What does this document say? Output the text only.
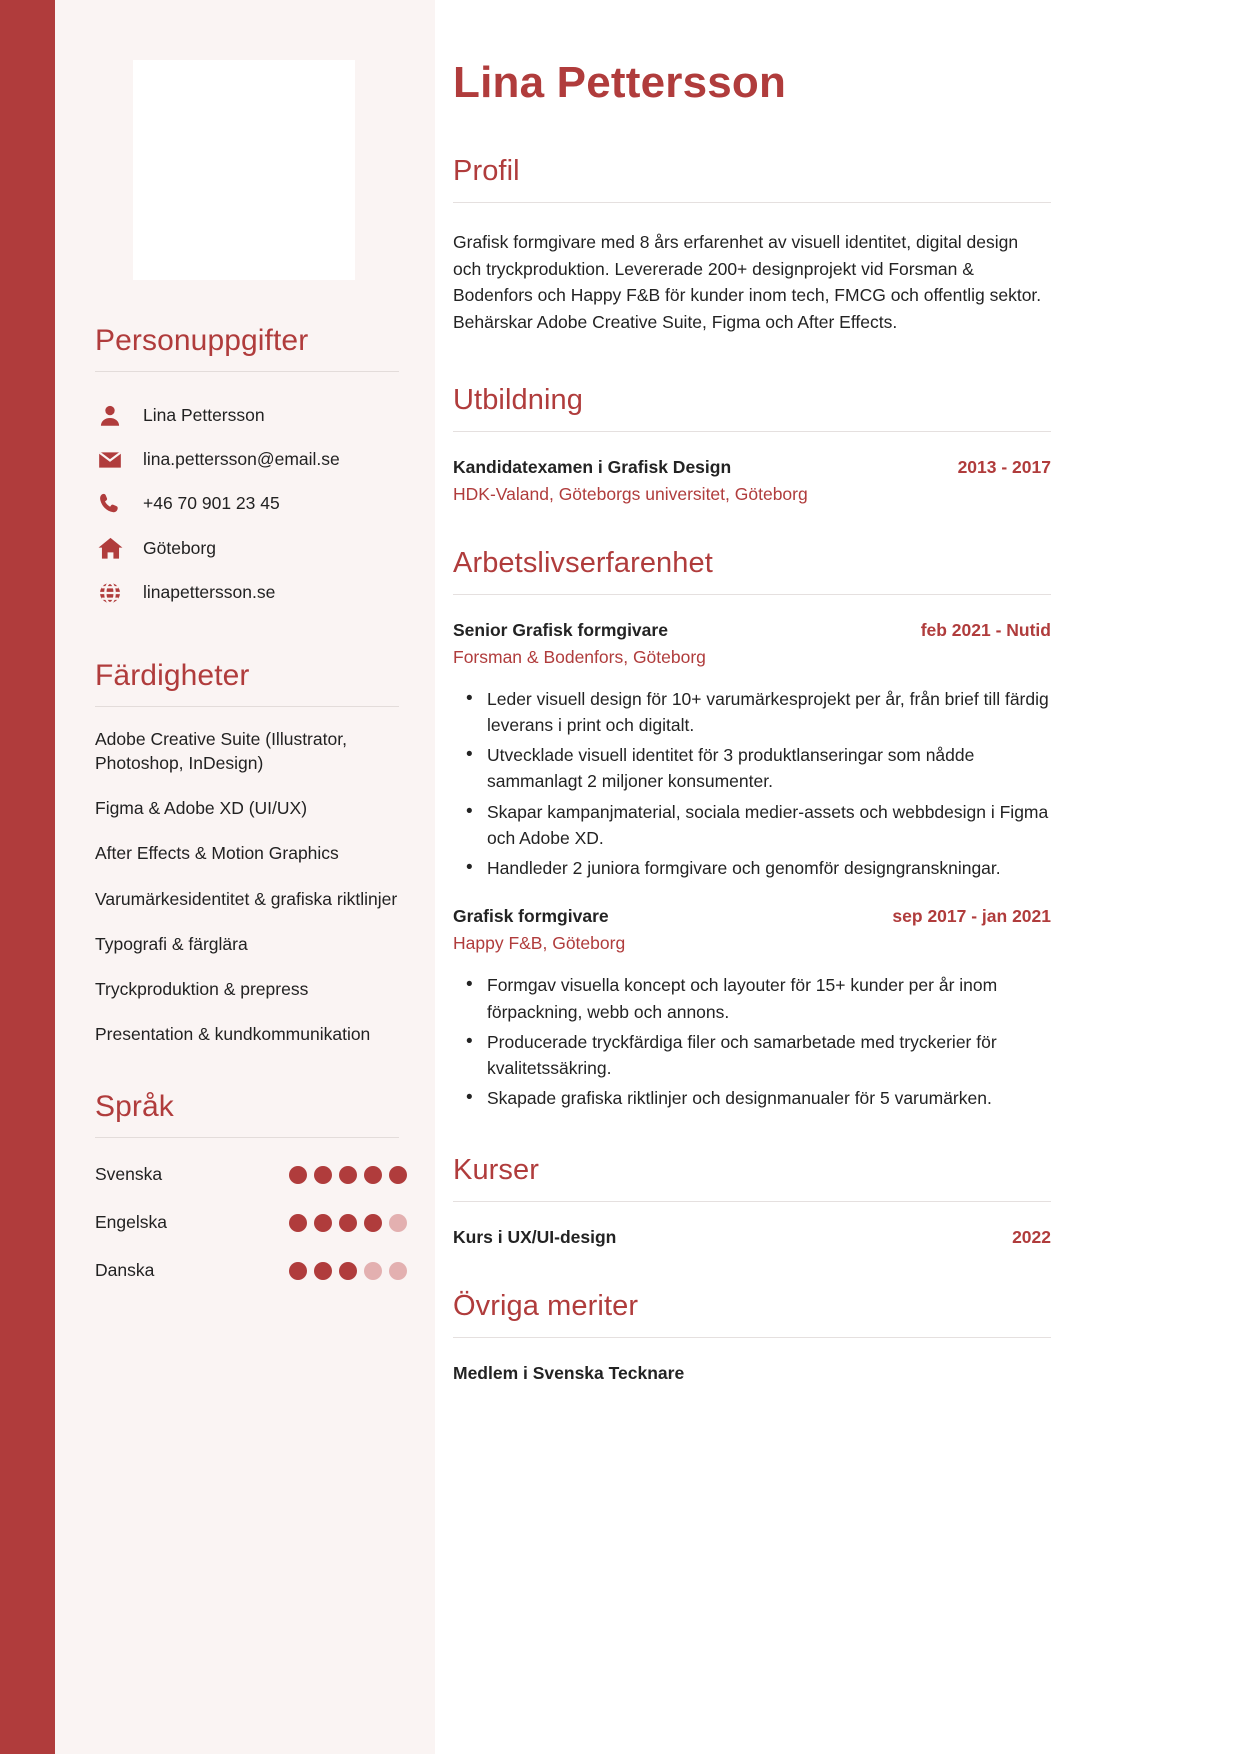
Personuppgifter
Lina Pettersson
lina.pettersson@email.se
+46 70 901 23 45
Göteborg
linapettersson.se
Färdigheter
Adobe Creative Suite (Illustrator, Photoshop, InDesign)
Figma & Adobe XD (UI/UX)
After Effects & Motion Graphics
Varumärkesidentitet & grafiska riktlinjer
Typografi & färglära
Tryckproduktion & prepress
Presentation & kundkommunikation
Språk
Svenska
Engelska
Danska
Lina Pettersson
Profil

Grafisk formgivare med 8 års erfarenhet av visuell identitet, digital design och tryckproduktion. Levererade 200+ designprojekt vid Forsman & Bodenfors och Happy F&B för kunder inom tech, FMCG och offentlig sektor. Behärskar Adobe Creative Suite, Figma och After Effects.

Utbildning
Kandidatexamen i Grafisk Design	2013 - 2017
HDK-Valand, Göteborgs universitet, Göteborg
Arbetslivserfarenhet
Senior Grafisk formgivare	feb 2021 - Nutid
Forsman & Bodenfors, Göteborg
• Leder visuell design för 10+ varumärkesprojekt per år, från brief till färdig leverans i print och digitalt.
• Utvecklade visuell identitet för 3 produktlanseringar som nådde sammanlagt 2 miljoner konsumenter.
• Skapar kampanjmaterial, sociala medier-assets och webbdesign i Figma och Adobe XD.
• Handleder 2 juniora formgivare och genomför designgranskningar.
Grafisk formgivare	sep 2017 - jan 2021
Happy F&B, Göteborg
• Formgav visuella koncept och layouter för 15+ kunder per år inom förpackning, webb och annons.
• Producerade tryckfärdiga filer och samarbetade med tryckerier för kvalitetssäkring.
• Skapade grafiska riktlinjer och designmanualer för 5 varumärken.
Kurser
Kurs i UX/UI-design	2022
Övriga meriter
Medlem i Svenska Tecknare
